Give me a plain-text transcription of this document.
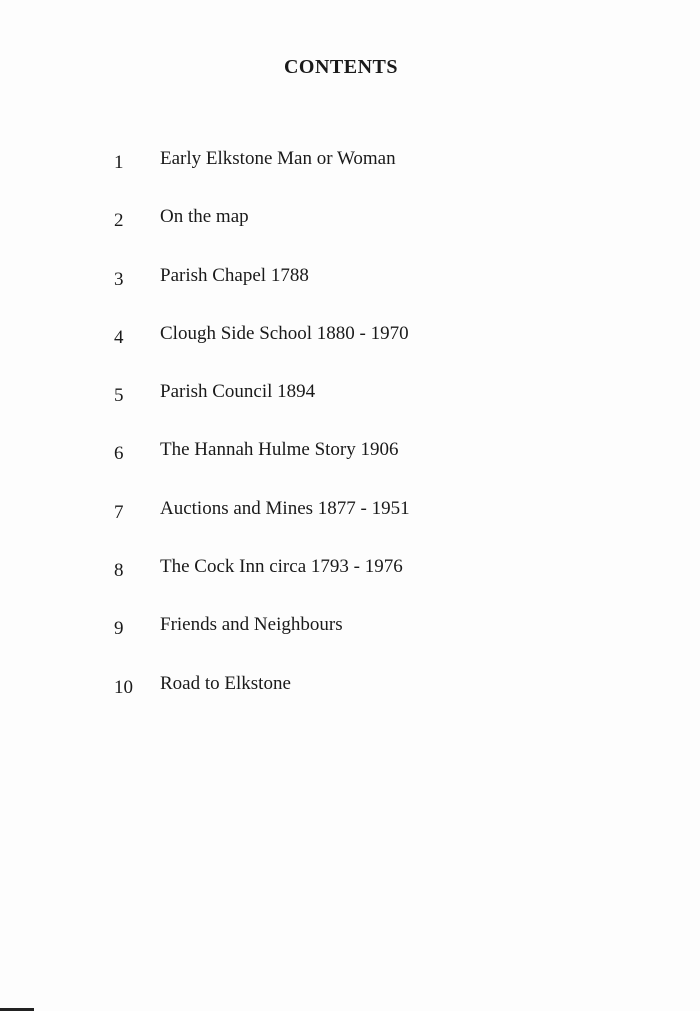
CONTENTS
1 Early Elkstone Man or Woman
2 On the map
3 Parish Chapel 1788
4 Clough Side School 1880 - 1970
5 Parish Council 1894
6 The Hannah Hulme Story 1906
7 Auctions and Mines 1877 - 1951
8 The Cock Inn circa 1793 - 1976
9 Friends and Neighbours
10 Road to Elkstone
